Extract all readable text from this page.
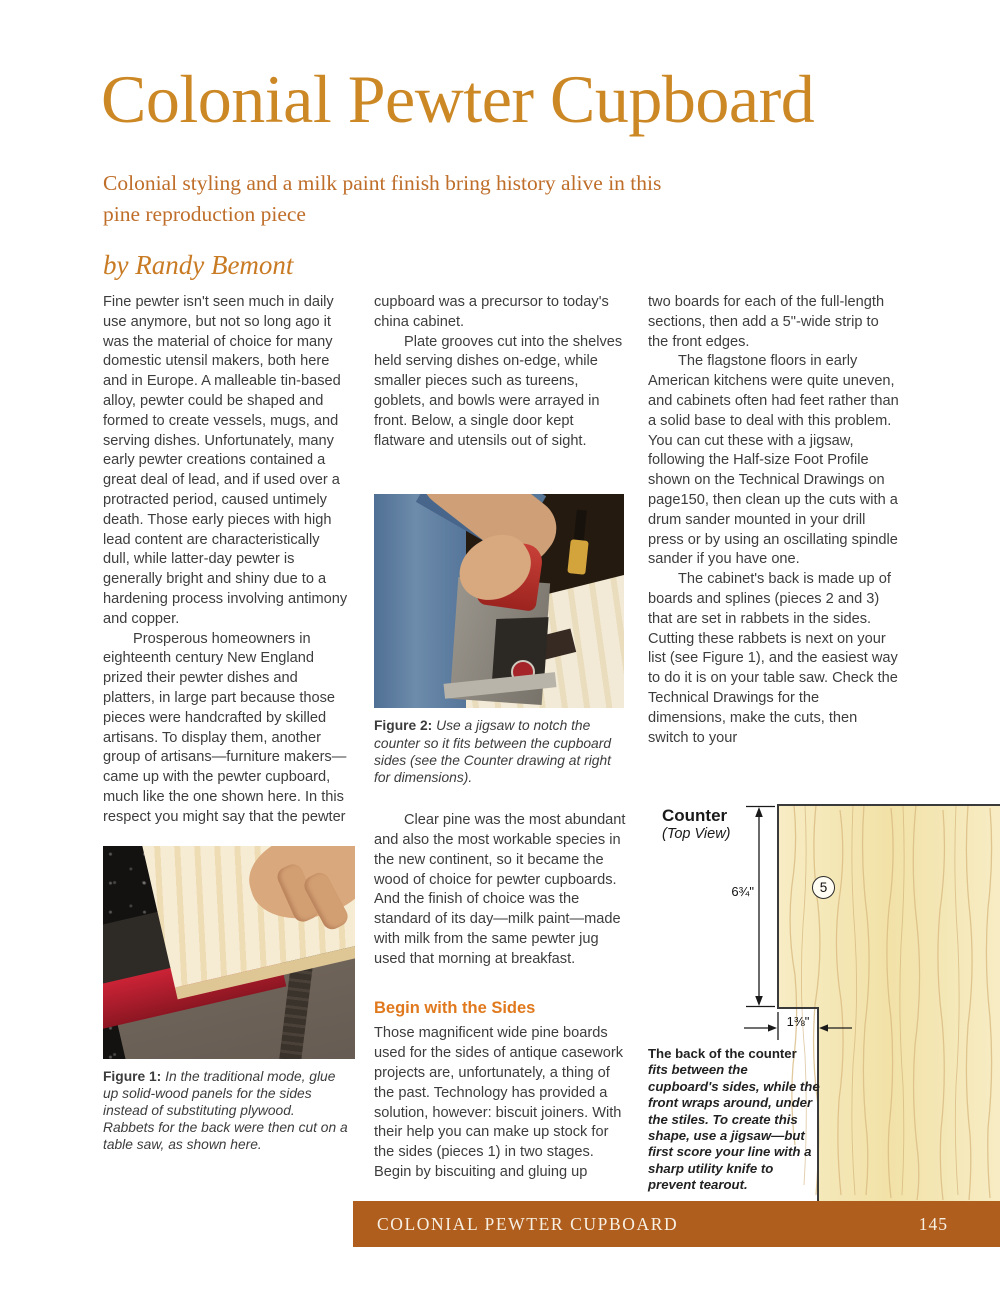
Colonial Pewter Cupboard

Colonial styling and a milk paint finish bring history alive in this pine reproduction piece

by Randy Bemont

Fine pewter isn't seen much in daily use anymore, but not so long ago it was the material of choice for many domestic utensil makers, both here and in Europe. A malleable tin-based alloy, pewter could be shaped and formed to create vessels, mugs, and serving dishes. Unfortunately, many early pewter creations contained a great deal of lead, and if used over a protracted period, caused untimely death. Those early pieces with high lead content are characteristically dull, while latter-day pewter is generally bright and shiny due to a hardening process involving antimony and copper.

Prosperous homeowners in eighteenth century New England prized their pewter dishes and platters, in large part because those pieces were handcrafted by skilled artisans. To display them, another group of artisans—furniture makers—came up with the pewter cupboard, much like the one shown here. In this respect you might say that the pewter

Figure 1: In the traditional mode, glue up solid-wood panels for the sides instead of substituting plywood. Rabbets for the back were then cut on a table saw, as shown here.

cupboard was a precursor to today's china cabinet.

Plate grooves cut into the shelves held serving dishes on-edge, while smaller pieces such as tureens, goblets, and bowls were arrayed in front. Below, a single door kept flatware and utensils out of sight.

Figure 2: Use a jigsaw to notch the counter so it fits between the cupboard sides (see the Counter drawing at right for dimensions).

Clear pine was the most abundant and also the most workable species in the new continent, so it became the wood of choice for pewter cupboards. And the finish of choice was the standard of its day—milk paint—made with milk from the same pewter jug used that morning at breakfast.

Begin with the Sides

Those magnificent wide pine boards used for the sides of antique casework projects are, unfortunately, a thing of the past. Technology has provided a solution, however: biscuit joiners. With their help you can make up stock for the sides (pieces 1) in two stages. Begin by biscuiting and gluing up

two boards for each of the full-length sections, then add a 5"-wide strip to the front edges.

The flagstone floors in early American kitchens were quite uneven, and cabinets often had feet rather than a solid base to deal with this problem. You can cut these with a jigsaw, following the Half-size Foot Profile shown on the Technical Drawings on page150, then clean up the cuts with a drum sander mounted in your drill press or by using an oscillating spindle sander if you have one.

The cabinet's back is made up of boards and splines (pieces 2 and 3) that are set in rabbets in the sides. Cutting these rabbets is next on your list (see Figure 1), and the easiest way to do it is on your table saw. Check the Technical Drawings for the dimensions, make the cuts, then switch to your

Counter
(Top View)
6¾"
1⅜"
5
The back of the counter fits between the cupboard's sides, while the front wraps around, under the stiles. To create this shape, use a jigsaw—but first score your line with a sharp utility knife to prevent tearout.
COLONIAL PEWTER CUPBOARD	145
